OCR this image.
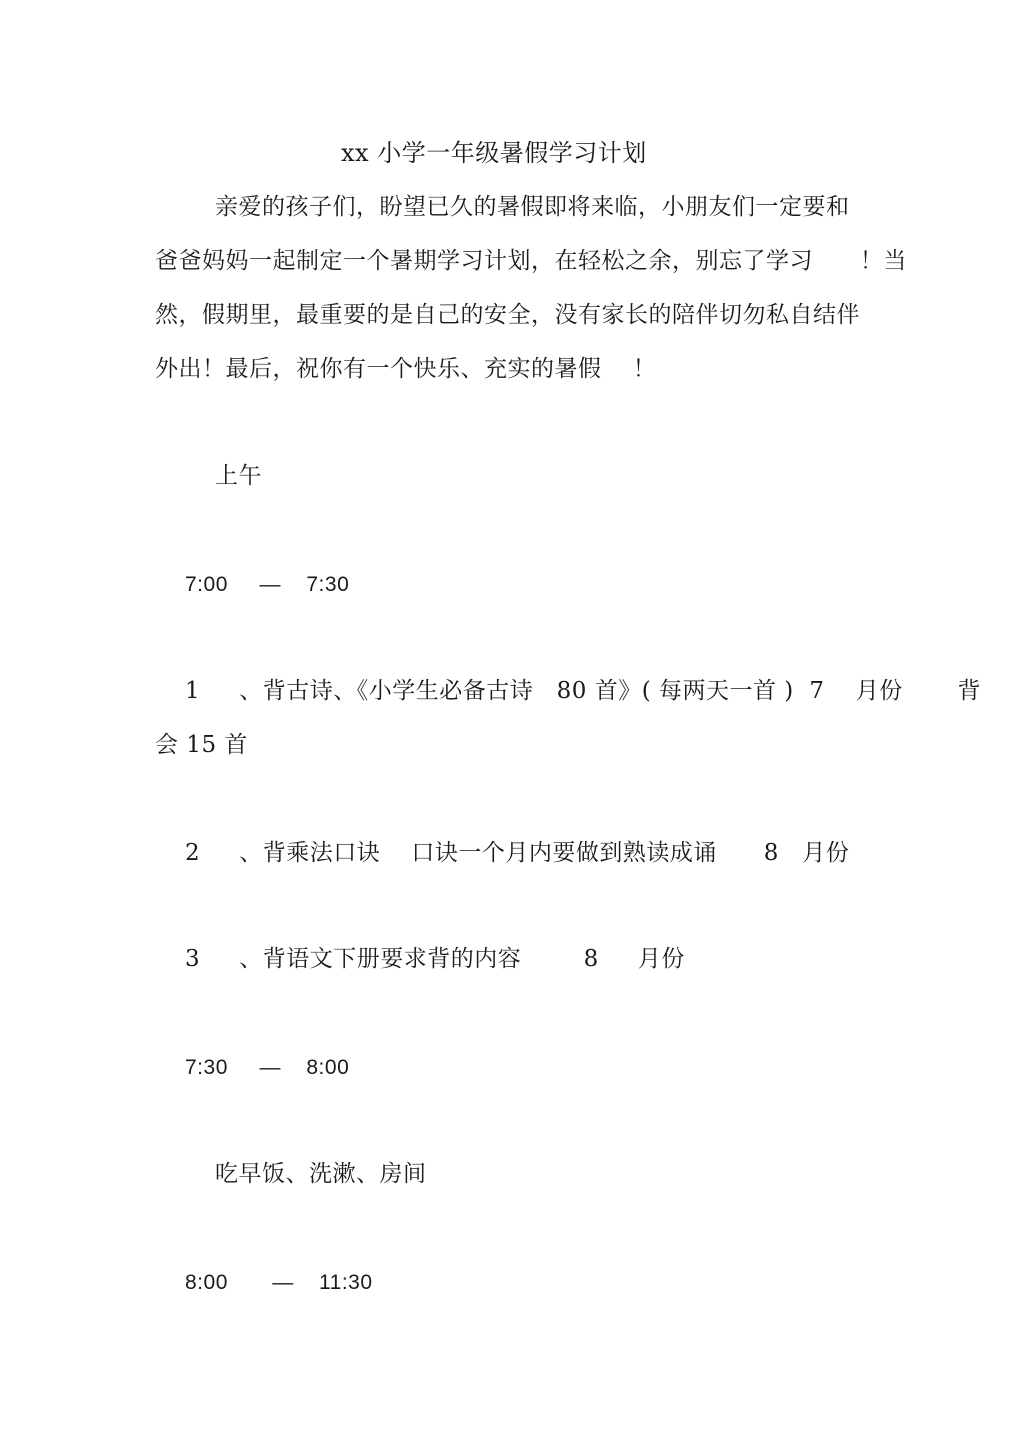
xx 小学一年级暑假学习计划
亲爱的孩子们，盼望已久的暑假即将来临，小朋友们一定要和
爸爸妈妈一起制定一个暑期学习计划，在轻松之余，别忘了学习      ！当
然，假期里，最重要的是自己的安全，没有家长的陪伴切勿私自结伴
外出！最后，祝你有一个快乐、充实的暑假    ！
上午
7:00     —    7:30
1     、背古诗、《小学生必备古诗   80 首》( 每两天一首 )  7    月份       背
会 15 首
2     、背乘法口诀    口诀一个月内要做到熟读成诵      8   月份
3     、背语文下册要求背的内容        8     月份
7:30     —    8:00
吃早饭、洗漱、房间
8:00       —    11:30
